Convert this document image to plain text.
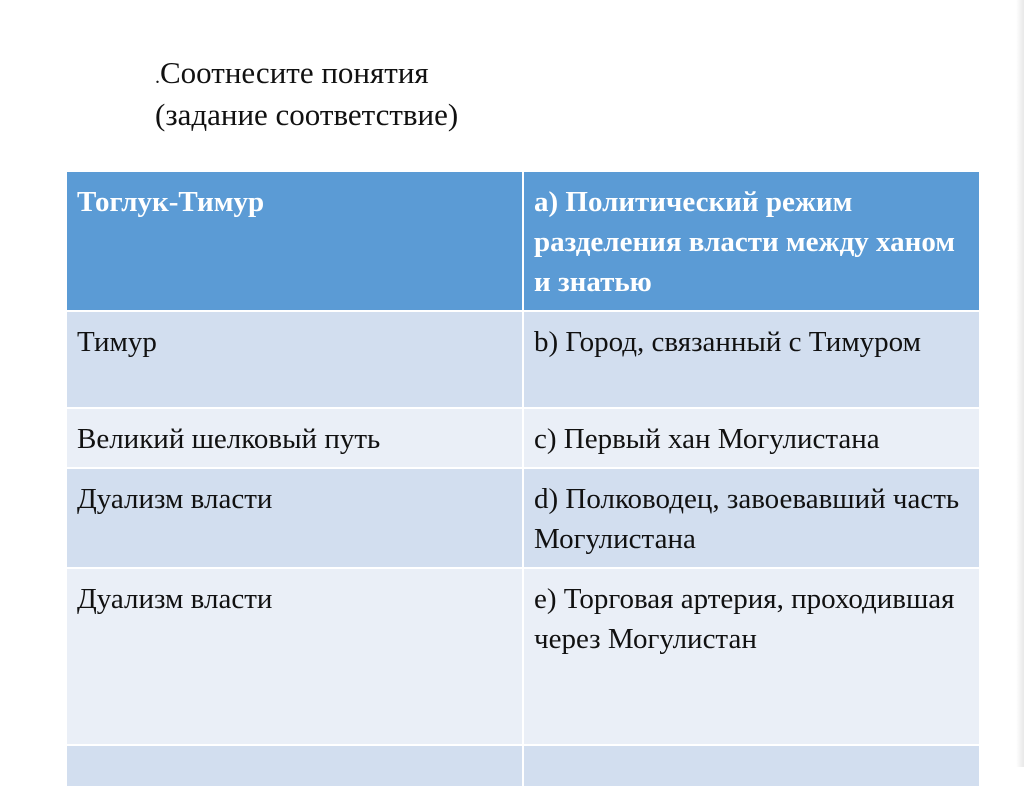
.Соотнесите понятия
(задание соответствие)
Тоглук-Тимур	а) Политический режим разделения власти между ханом и знатью
Тимур	b) Город, связанный с Тимуром
Великий шелковый путь	с) Первый хан Могулистана
Дуализм власти	d) Полководец, завоевавший часть Могулистана
Дуализм власти	е) Торговая артерия, проходившая через Могулистан
